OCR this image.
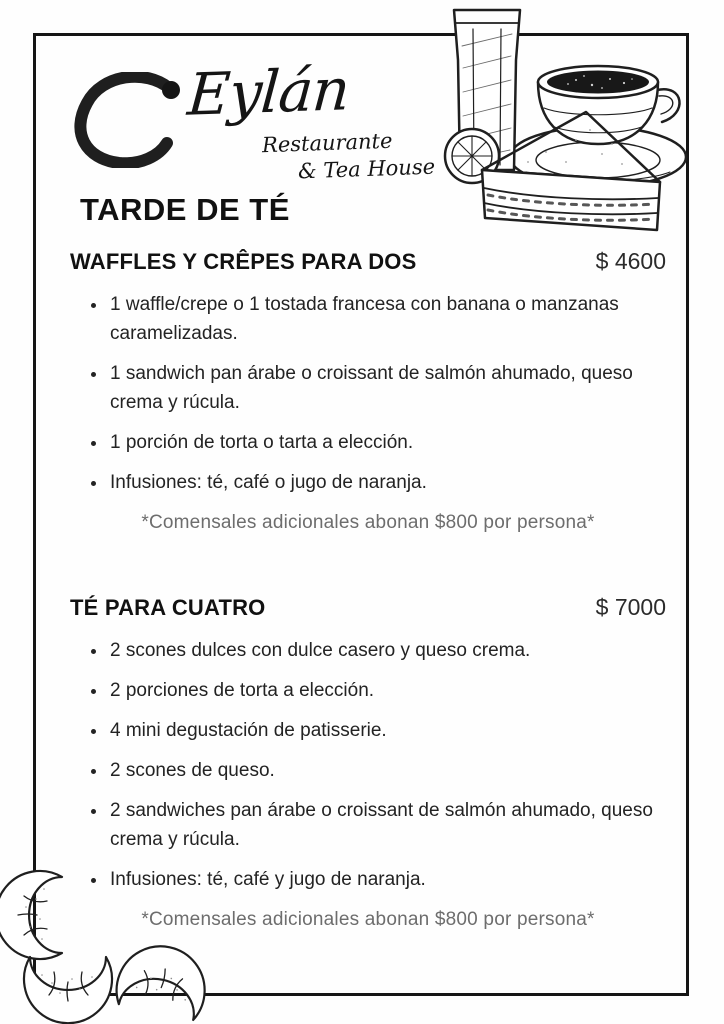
Eylán
Restaurante
& Tea House
TARDE DE TÉ
WAFFLES Y CRÊPES PARA DOS	$ 4600
• 1 waffle/crepe o 1 tostada francesa con banana o manzanas caramelizadas.
• 1 sandwich pan árabe o croissant de salmón ahumado, queso crema y rúcula.
• 1 porción de torta o tarta a elección.
• Infusiones: té, café o jugo de naranja.

*Comensales adicionales abonan $800 por persona*

TÉ PARA CUATRO	$ 7000
• 2 scones dulces con dulce casero y queso crema.
• 2 porciones de torta a elección.
• 4 mini degustación de patisserie.
• 2 scones de queso.
• 2 sandwiches pan árabe o croissant de salmón ahumado, queso crema y rúcula.
• Infusiones: té, café y jugo de naranja.

*Comensales adicionales abonan $800 por persona*
